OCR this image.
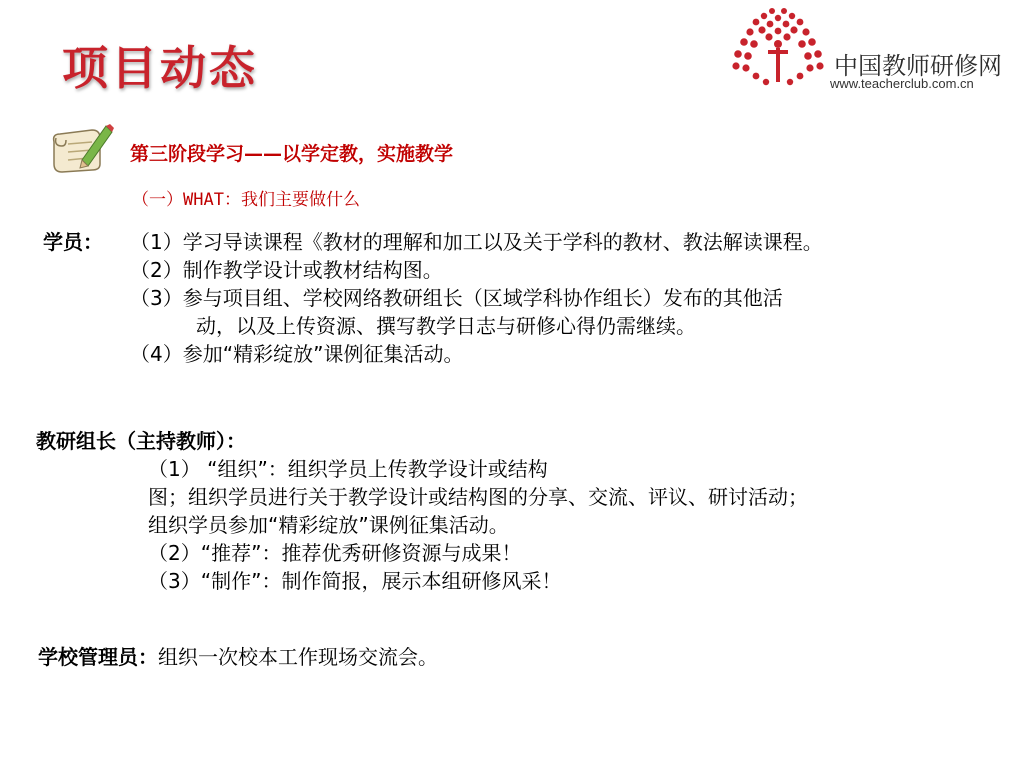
项目动态	中国教师研修网
www.teacherclub.com.cn
第三阶段学习——以学定教，实施教学
（一）WHAT：我们主要做什么
学员： （1）学习导读课程《教材的理解和加工以及关于学科的教材、教法解读课程。
（2）制作教学设计或教材结构图。
（3）参与项目组、学校网络教研组长（区域学科协作组长）发布的其他活
动，以及上传资源、撰写教学日志与研修心得仍需继续。
（4）参加“精彩绽放”课例征集活动。
教研组长（主持教师）：
（1） “组织”：组织学员上传教学设计或结构
图；组织学员进行关于教学设计或结构图的分享、交流、评议、研讨活动；
组织学员参加“精彩绽放”课例征集活动。
（2）“推荐”：推荐优秀研修资源与成果！
（3）“制作”：制作简报，展示本组研修风采！
学校管理员：组织一次校本工作现场交流会。
